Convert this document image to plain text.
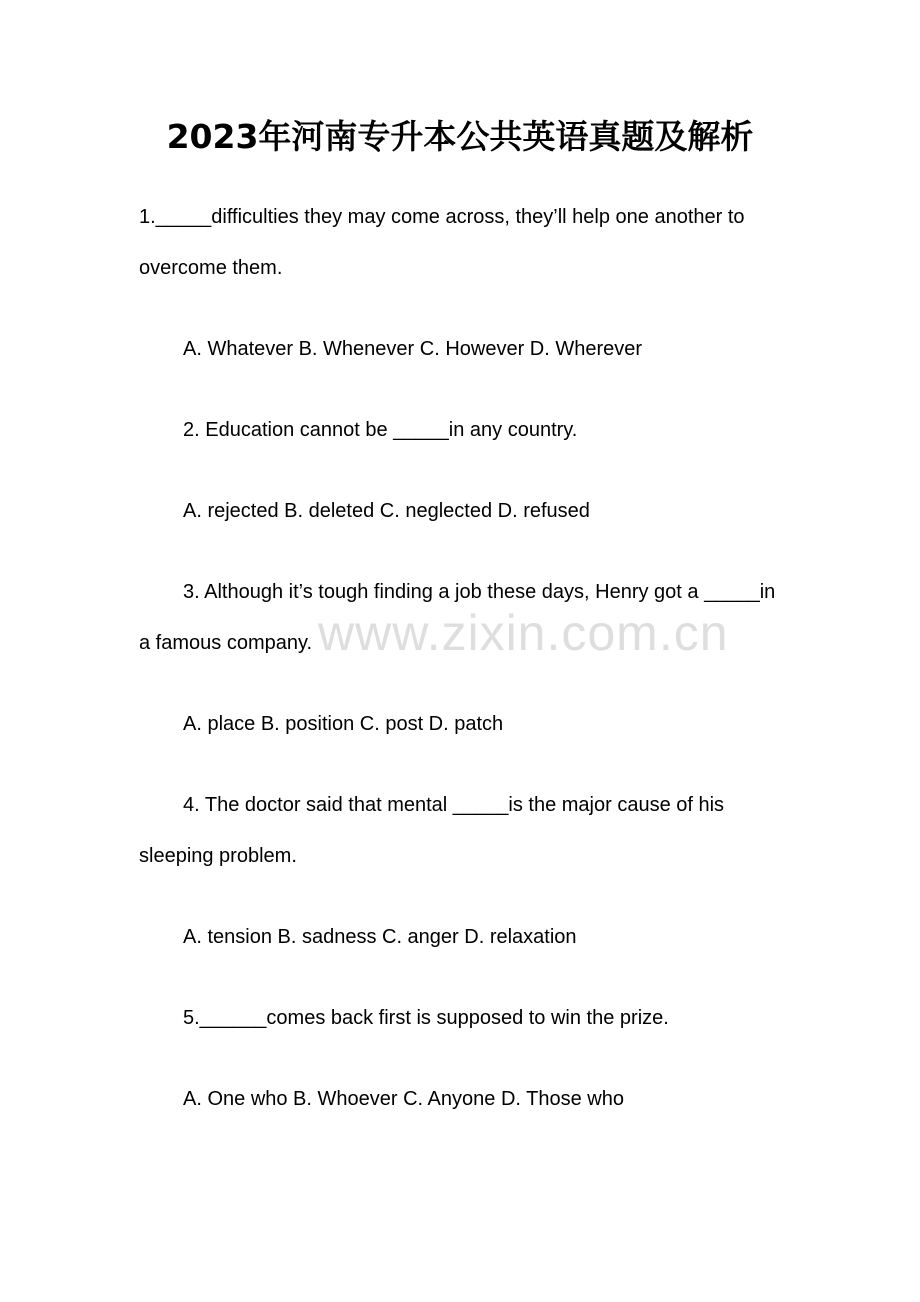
2023年河南专升本公共英语真题及解析

1._____difficulties they may come across, they’ll help one another to overcome them.

A. Whatever B. Whenever C. However D. Wherever

2. Education cannot be _____in any country.

A. rejected B. deleted C. neglected D. refused

3. Although it’s tough finding a job these days, Henry got a _____in a famous company.

A. place B. position C. post D. patch

4. The doctor said that mental _____is the major cause of his sleeping problem.

A. tension B. sadness C. anger D. relaxation

5.______comes back first is supposed to win the prize.

A. One who B. Whoever C. Anyone D. Those who

www.zixin.com.cn
